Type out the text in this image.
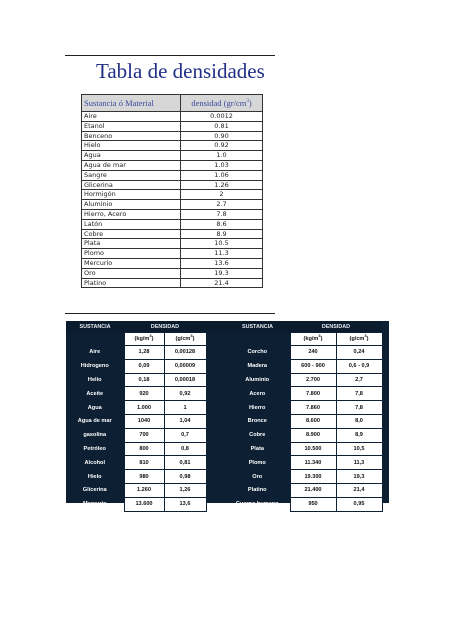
Tabla de densidades
Sustancia ó Material	densidad $(gr/cm^3)$
Aire	0.0012
Etanol	0.81
Benceno	0.90
Hielo	0.92
Agua	1.0
Agua de mar	1.03
Sangre	1.06
Glicerina	1.26
Hormigón	2
Aluminio	2.7
Hierro, Acero	7.8
Latón	8.6
Cobre	8.9
Plata	10.5
Plomo	11.3
Mercurio	13.6
Oro	19.3
Platino	21.4
SUSTANCIA	DENSIDAD			SUSTANCIA	DENSIDAD	
	$(kg/m^3)$	$(g/cm^3)$			$(kg/m^3)$	$(g/cm^3)$
Aire	1,28	0,00128		Corcho	240	0,24
Hidrogeno	0,09	0,00009		Madera	600 - 900	0,6 - 0,9
Helio	0,18	0,00018		Aluminio	2.700	2,7
Aceite	920	0,92		Acero	7.800	7,8
Agua	1.000	1		Hierro	7.860	7,8
Agua de mar	1040	1,04		Bronce	8.600	8,0
gasolina	700	0,7		Cobre	8.900	8,9
Petróleo	800	0,8		Plata	10.500	10,5
Alcohol	810	0,81		Plomo	11.340	11,3
Hielo	980	0,98		Oro	19.300	19,3
Glicerina	1.260	1,26		Platino	21.400	21,4
Mercurio	13.600	13,6		Cuerpo humano	950	0,95
